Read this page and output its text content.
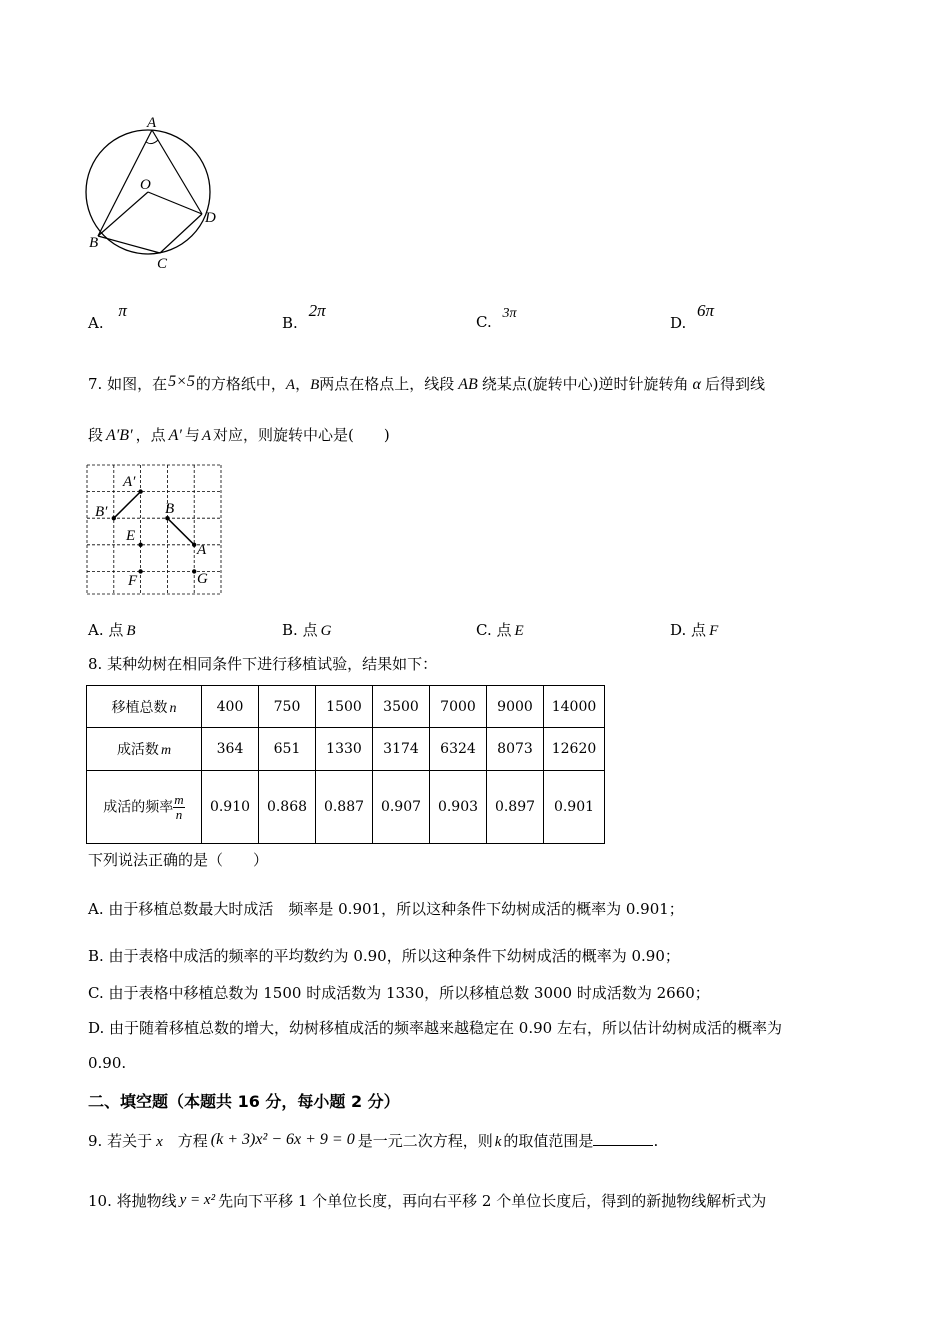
A
O
D
B
C
A. π
B. 2π
C. 3π
D. 6π
7. 如图，在5×5的方格纸中，A，B两点在格点上，线段 AB 绕某点(旋转中心)逆时针旋转角 α 后得到线
段 A′B′ ，点 A′ 与 A 对应，则旋转中心是(　　)
A′
B′	B
E
A
F	G
A. 点 B	B. 点 G	C. 点 E	D. 点 F
8. 某种幼树在相同条件下进行移植试验，结果如下：
移植总数 n	400	750	1500	3500	7000	9000	14000
成活数 m	364	651	1330	3174	6324	8073	12620
成活的频率 $\frac{m}{n}$	0.910	0.868	0.887	0.907	0.903	0.897	0.901
下列说法正确的是（　　）
A. 由于移植总数最大时成活　频率是 0.901，所以这种条件下幼树成活的概率为 0.901；
B. 由于表格中成活的频率的平均数约为 0.90，所以这种条件下幼树成活的概率为 0.90；
C. 由于表格中移植总数为 1500 时成活数为 1330，所以移植总数 3000 时成活数为 2660；
D. 由于随着移植总数的增大，幼树移植成活的频率越来越稳定在 0.90 左右，所以估计幼树成活的概率为
0.90.
二、填空题（本题共 16 分，每小题 2 分）
9. 若关于 x　方程 (k + 3)x² − 6x + 9 = 0 是一元二次方程，则 k 的取值范围是	.
10. 将抛物线 y = x² 先向下平移 1 个单位长度，再向右平移 2 个单位长度后，得到的新抛物线解析式为
